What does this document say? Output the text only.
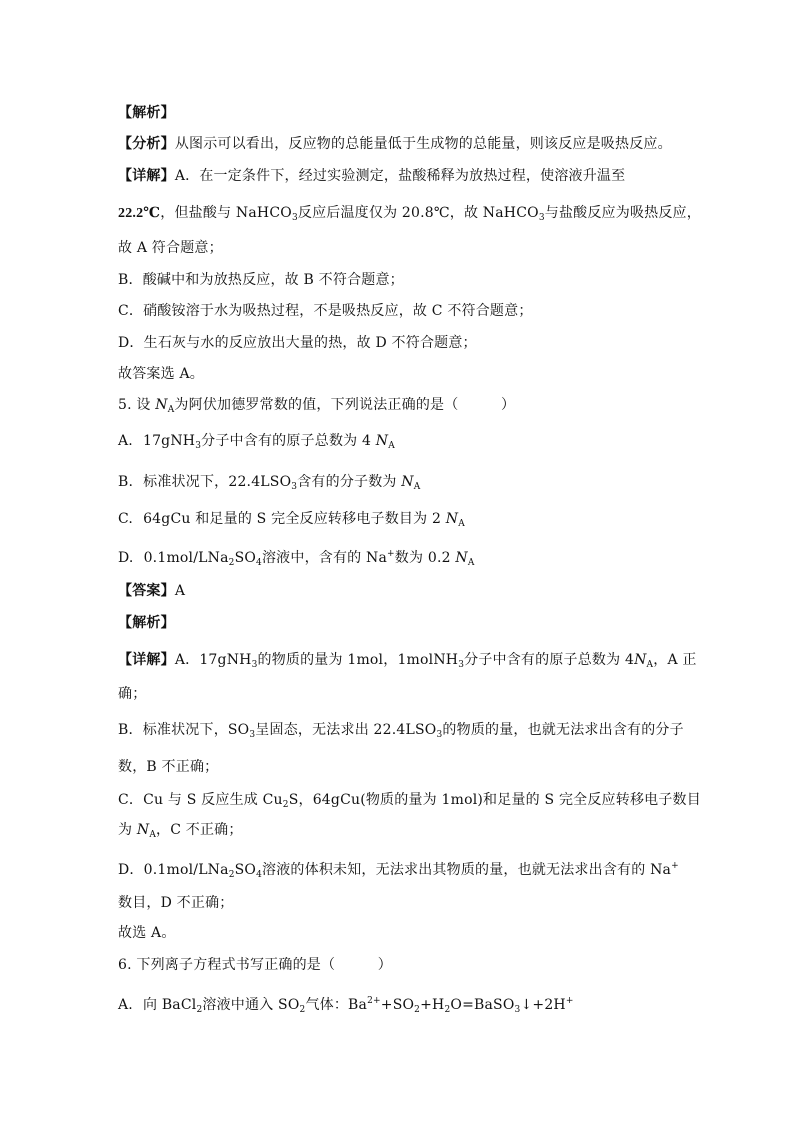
【解析】
【分析】从图示可以看出，反应物的总能量低于生成物的总能量，则该反应是吸热反应。
【详解】A．在一定条件下，经过实验测定，盐酸稀释为放热过程，使溶液升温至
22.2℃，但盐酸与 NaHCO$_3$反应后温度仅为 20.8℃，故 NaHCO$_3$与盐酸反应为吸热反应，
故 A 符合题意；
B．酸碱中和为放热反应，故 B 不符合题意；
C．硝酸铵溶于水为吸热过程，不是吸热反应，故 C 不符合题意；
D．生石灰与水的反应放出大量的热，故 D 不符合题意；
故答案选 A。
5. 设 $N_A$为阿伏加德罗常数的值，下列说法正确的是（　　　）
A. 17gNH$_3$分子中含有的原子总数为 4 $N_A$
B. 标准状况下，$22.4LSO_3$含有的分子数为 $N_A$
C. 64gCu 和足量的 S 完全反应转移电子数目为 2 $N_A$
D. $0.1mol/LNa_2SO_4$溶液中，含有的 Na+数为 0.2 $N_A$
【答案】A
【解析】
【详解】A．17gNH$_3$的物质的量为 1mol，1molNH$_3$分子中含有的原子总数为 $4N_A$，A 正
确；
B．标准状况下，$SO_3$呈固态，无法求出 $22.4LSO_3$的物质的量，也就无法求出含有的分子
数，B 不正确；
C．Cu 与 S 反应生成 $Cu_2S$，64gCu(物质的量为 1mol)和足量的 S 完全反应转移电子数目
为 $N_A$，C 不正确；
D．$0.1mol/LNa_2SO_4$溶液的体积未知，无法求出其物质的量，也就无法求出含有的 Na+
数目，D 不正确；
故选 A。
6. 下列离子方程式书写正确的是（　　　）
A. 向 BaCl$_2$溶液中通入 $SO_2$气体：$Ba^{2+}+SO_2+H_2O=BaSO_3↓+2H^+$
